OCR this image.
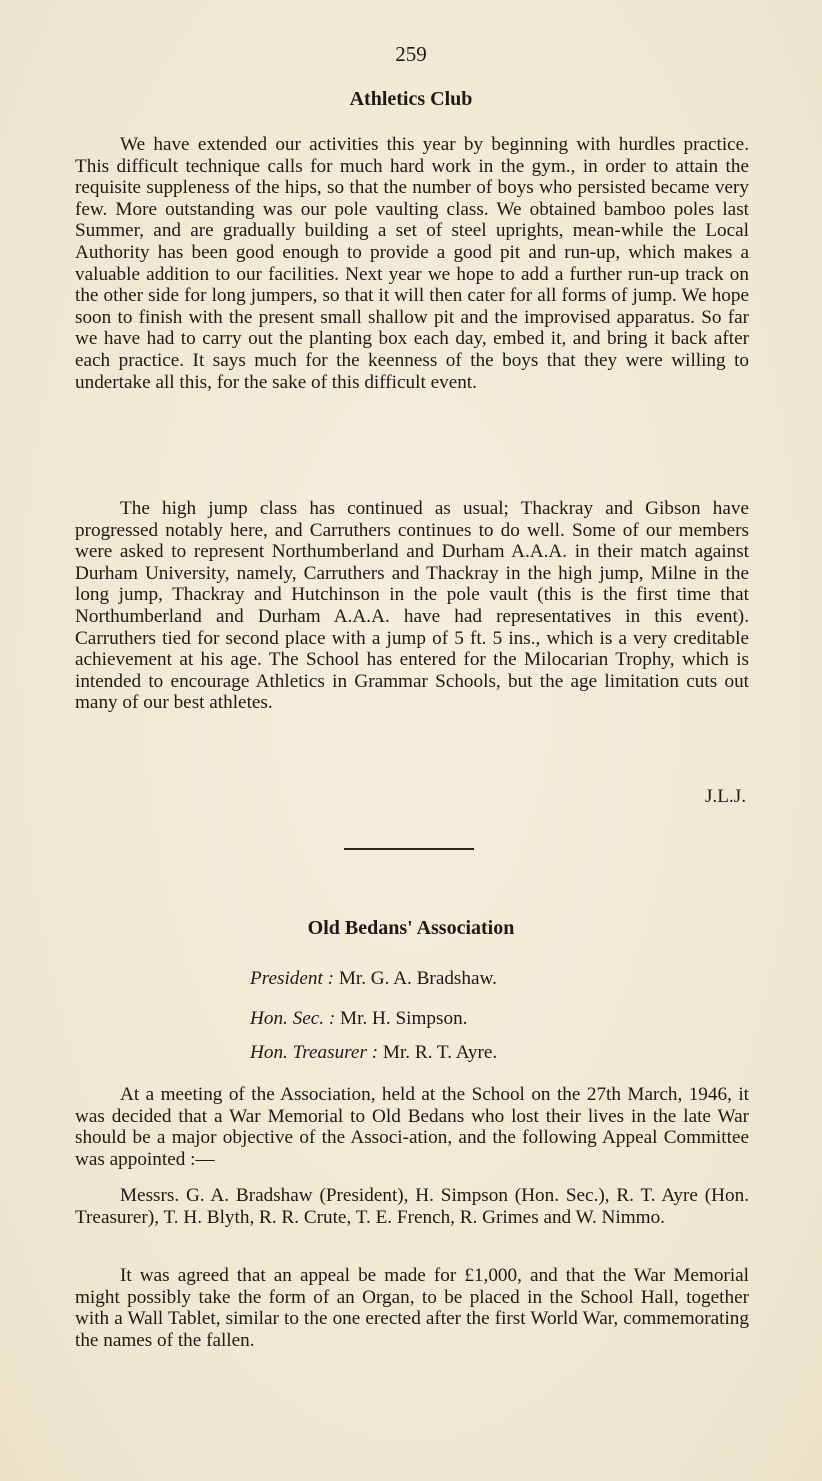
259
Athletics Club

We have extended our activities this year by beginning with hurdles practice. This difficult technique calls for much hard work in the gym., in order to attain the requisite suppleness of the hips, so that the number of boys who persisted became very few. More outstanding was our pole vaulting class. We obtained bamboo poles last Summer, and are gradually building a set of steel uprights, mean-while the Local Authority has been good enough to provide a good pit and run-up, which makes a valuable addition to our facilities. Next year we hope to add a further run-up track on the other side for long jumpers, so that it will then cater for all forms of jump. We hope soon to finish with the present small shallow pit and the improvised apparatus. So far we have had to carry out the planting box each day, embed it, and bring it back after each practice. It says much for the keenness of the boys that they were willing to undertake all this, for the sake of this difficult event.

The high jump class has continued as usual; Thackray and Gibson have progressed notably here, and Carruthers continues to do well. Some of our members were asked to represent Northumberland and Durham A.A.A. in their match against Durham University, namely, Carruthers and Thackray in the high jump, Milne in the long jump, Thackray and Hutchinson in the pole vault (this is the first time that Northumberland and Durham A.A.A. have had representatives in this event). Carruthers tied for second place with a jump of 5 ft. 5 ins., which is a very creditable achievement at his age. The School has entered for the Milocarian Trophy, which is intended to encourage Athletics in Grammar Schools, but the age limitation cuts out many of our best athletes.

J.L.J.
Old Bedans' Association
President : Mr. G. A. Bradshaw.
Hon. Sec. : Mr. H. Simpson.
Hon. Treasurer : Mr. R. T. Ayre.

At a meeting of the Association, held at the School on the 27th March, 1946, it was decided that a War Memorial to Old Bedans who lost their lives in the late War should be a major objective of the Associ-ation, and the following Appeal Committee was appointed :—

Messrs. G. A. Bradshaw (President), H. Simpson (Hon. Sec.), R. T. Ayre (Hon. Treasurer), T. H. Blyth, R. R. Crute, T. E. French, R. Grimes and W. Nimmo.

It was agreed that an appeal be made for £1,000, and that the War Memorial might possibly take the form of an Organ, to be placed in the School Hall, together with a Wall Tablet, similar to the one erected after the first World War, commemorating the names of the fallen.
